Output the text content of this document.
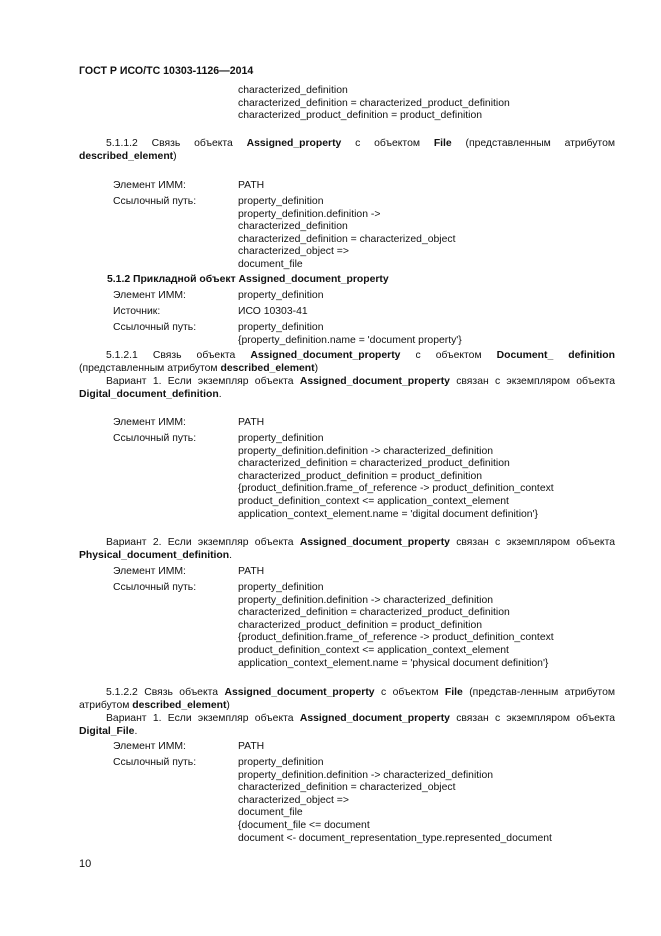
ГОСТ Р ИСО/ТС 10303-1126—2014
characterized_definition
characterized_definition = characterized_product_definition
characterized_product_definition = product_definition
5.1.1.2 Связь объекта Assigned_property с объектом File (представленным атрибутом
described_element)
Элемент ИММ:	PATH
Ссылочный путь:	property_definition
property_definition.definition ->
characterized_definition
characterized_definition = characterized_object
characterized_object =>
document_file
5.1.2 Прикладной объект Assigned_document_property
Элемент ИММ:	property_definition
Источник:	ИСО 10303-41
Ссылочный путь:	property_definition
{property_definition.name = 'document property'}
5.1.2.1 Связь объекта Assigned_document_property с объектом Document_ definition
(представленным атрибутом described_element)
Вариант 1. Если экземпляр объекта Assigned_document_property связан с экземпляром объекта
Digital_document_definition.
Элемент ИММ:	PATH
Ссылочный путь:	property_definition
property_definition.definition -> characterized_definition
characterized_definition = characterized_product_definition
characterized_product_definition = product_definition
{product_definition.frame_of_reference -> product_definition_context
product_definition_context <= application_context_element
application_context_element.name = 'digital document definition'}
Вариант 2. Если экземпляр объекта Assigned_document_property связан с экземпляром объекта
Physical_document_definition.
Элемент ИММ:	PATH
Ссылочный путь:	property_definition
property_definition.definition -> characterized_definition
characterized_definition = characterized_product_definition
characterized_product_definition = product_definition
{product_definition.frame_of_reference -> product_definition_context
product_definition_context <= application_context_element
application_context_element.name = 'physical document definition'}
5.1.2.2 Связь объекта Assigned_document_property с объектом File (представ-ленным атрибутом
атрибутом described_element)
Вариант 1. Если экземпляр объекта Assigned_document_property связан с экземпляром объекта
Digital_File.
Элемент ИММ:	PATH
Ссылочный путь:	property_definition
property_definition.definition -> characterized_definition
characterized_definition = characterized_object
characterized_object =>
document_file
{document_file <= document
document <- document_representation_type.represented_document
10
